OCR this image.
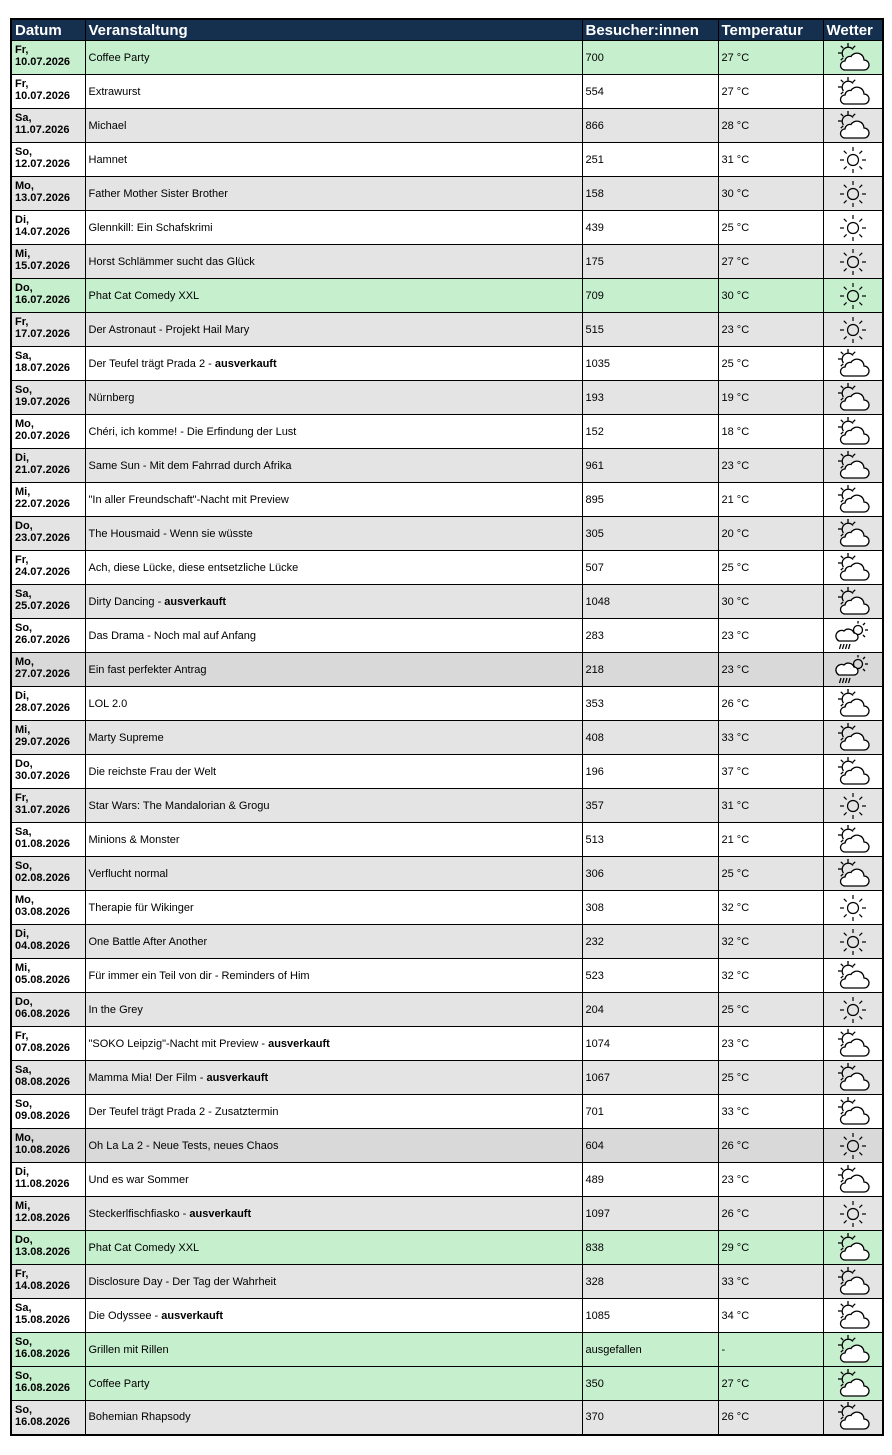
Datum	Veranstaltung	Besucher:innen	Temperatur	Wetter

Fr,
10.07.2026	Coffee Party	700	27 °C	

Fr,
10.07.2026	Extrawurst	554	27 °C	

Sa,
11.07.2026	Michael	866	28 °C	

So,
12.07.2026	Hamnet	251	31 °C	

Mo,
13.07.2026	Father Mother Sister Brother	158	30 °C	

Di,
14.07.2026	Glennkill: Ein Schafskrimi	439	25 °C	

Mi,
15.07.2026	Horst Schlämmer sucht das Glück	175	27 °C	

Do,
16.07.2026	Phat Cat Comedy XXL	709	30 °C	

Fr,
17.07.2026	Der Astronaut - Projekt Hail Mary	515	23 °C	

Sa,
18.07.2026	Der Teufel trägt Prada 2 - ausverkauft	1035	25 °C	

So,
19.07.2026	Nürnberg	193	19 °C	

Mo,
20.07.2026	Chéri, ich komme! - Die Erfindung der Lust	152	18 °C	

Di,
21.07.2026	Same Sun - Mit dem Fahrrad durch Afrika	961	23 °C	

Mi,
22.07.2026	"In aller Freundschaft"-Nacht mit Preview	895	21 °C	

Do,
23.07.2026	The Housmaid - Wenn sie wüsste	305	20 °C	

Fr,
24.07.2026	Ach, diese Lücke, diese entsetzliche Lücke	507	25 °C	

Sa,
25.07.2026	Dirty Dancing - ausverkauft	1048	30 °C	

So,
26.07.2026	Das Drama - Noch mal auf Anfang	283	23 °C	

Mo,
27.07.2026	Ein fast perfekter Antrag	218	23 °C	

Di,
28.07.2026	LOL 2.0	353	26 °C	

Mi,
29.07.2026	Marty Supreme	408	33 °C	

Do,
30.07.2026	Die reichste Frau der Welt	196	37 °C	

Fr,
31.07.2026	Star Wars: The Mandalorian & Grogu	357	31 °C	

Sa,
01.08.2026	Minions & Monster	513	21 °C	

So,
02.08.2026	Verflucht normal	306	25 °C	

Mo,
03.08.2026	Therapie für Wikinger	308	32 °C	

Di,
04.08.2026	One Battle After Another	232	32 °C	

Mi,
05.08.2026	Für immer ein Teil von dir - Reminders of Him	523	32 °C	

Do,
06.08.2026	In the Grey	204	25 °C	

Fr,
07.08.2026	"SOKO Leipzig"-Nacht mit Preview - ausverkauft	1074	23 °C	

Sa,
08.08.2026	Mamma Mia! Der Film - ausverkauft	1067	25 °C	

So,
09.08.2026	Der Teufel trägt Prada 2 - Zusatztermin	701	33 °C	

Mo,
10.08.2026	Oh La La 2 - Neue Tests, neues Chaos	604	26 °C	

Di,
11.08.2026	Und es war Sommer	489	23 °C	

Mi,
12.08.2026	Steckerlfischfiasko - ausverkauft	1097	26 °C	

Do,
13.08.2026	Phat Cat Comedy XXL	838	29 °C	

Fr,
14.08.2026	Disclosure Day - Der Tag der Wahrheit	328	33 °C	

Sa,
15.08.2026	Die Odyssee - ausverkauft	1085	34 °C	

So,
16.08.2026	Grillen mit Rillen	ausgefallen	-	

So,
16.08.2026	Coffee Party	350	27 °C	

So,
16.08.2026	Bohemian Rhapsody	370	26 °C	
